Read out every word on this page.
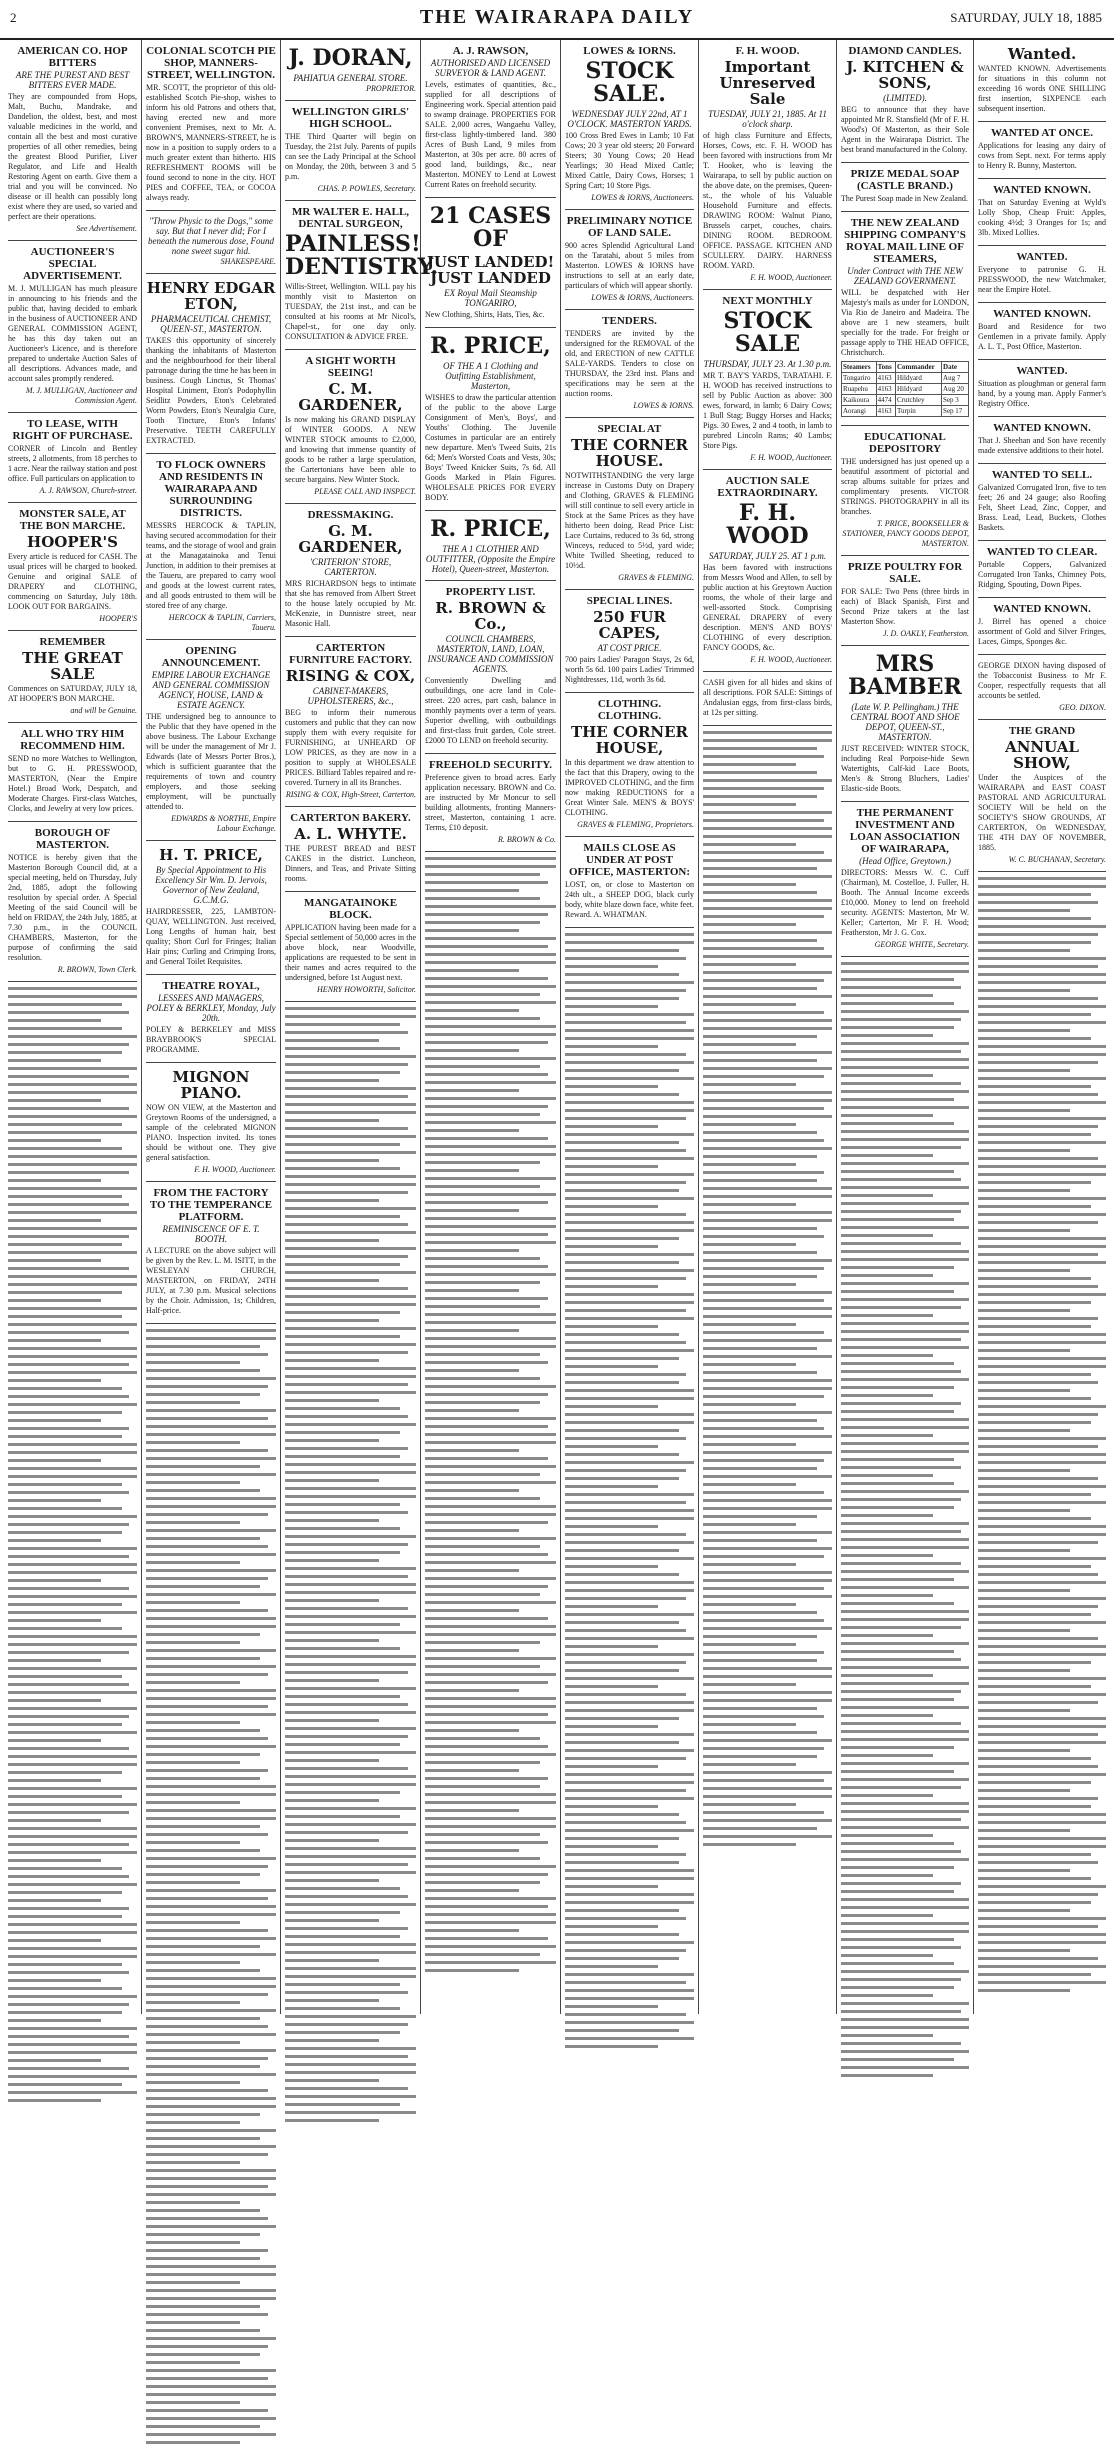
2	THE WAIRARAPA DAILY	SATURDAY, JULY 18, 1885
AMERICAN CO. HOP BITTERS
ARE THE PUREST AND BEST BITTERS EVER MADE.
They are compounded from Hops, Malt, Buchu, Mandrake, and Dandelion, the oldest, best, and most valuable medicines in the world, and contain all the best and most curative properties of all other remedies, being the greatest Blood Purifier, Liver Regulator, and Life and Health Restoring Agent on earth. Give them a trial and you will be convinced. No disease or ill health can possibly long exist where they are used, so varied and perfect are their operations.
See Advertisement.
AUCTIONEER'S SPECIAL ADVERTISEMENT.
M. J. MULLIGAN has much pleasure in announcing to his friends and the public that, having decided to embark in the business of AUCTIONEER AND GENERAL COMMISSION AGENT, he has this day taken out an Auctioneer's Licence, and is therefore prepared to undertake Auction Sales of all descriptions. Advances made, and account sales promptly rendered.
M. J. MULLIGAN, Auctioneer and Commission Agent.
TO LEASE, WITH RIGHT OF PURCHASE.
CORNER of Lincoln and Bentley streets, 2 allotments, from 18 perches to 1 acre. Near the railway station and post office. Full particulars on application to
A. J. RAWSON, Church-street.
MONSTER SALE, AT THE BON MARCHE.
HOOPER'S
Every article is reduced for CASH. The usual prices will be charged to booked. Genuine and original SALE of DRAPERY and CLOTHING, commencing on Saturday, July 18th. LOOK OUT FOR BARGAINS.
HOOPER'S
REMEMBER
THE GREAT SALE
Commences on SATURDAY, JULY 18, AT HOOPER'S BON MARCHE.
and will be Genuine.
ALL WHO TRY HIM RECOMMEND HIM.
SEND no more Watches to Wellington, but to G. H. PRESSWOOD, MASTERTON, (Near the Empire Hotel.) Broad Work, Despatch, and Moderate Charges. First-class Watches, Clocks, and Jewelry at very low prices.
BOROUGH OF MASTERTON.
NOTICE is hereby given that the Masterton Borough Council did, at a special meeting, held on Thursday, July 2nd, 1885, adopt the following resolution by special order. A Special Meeting of the said Council will be held on FRIDAY, the 24th July, 1885, at 7.30 p.m., in the COUNCIL CHAMBERS, Masterton, for the purpose of confirming the said resolution.
R. BROWN, Town Clerk.
COLONIAL SCOTCH PIE SHOP, MANNERS-STREET, WELLINGTON.
MR. SCOTT, the proprietor of this old-established Scotch Pie-shop, wishes to inform his old Patrons and others that, having erected new and more convenient Premises, next to Mr. A. BROWN'S, MANNERS-STREET, he is now in a position to supply orders to a much greater extent than hitherto. HIS REFRESHMENT ROOMS will be found second to none in the city. HOT PIES and COFFEE, TEA, or COCOA always ready.
"Throw Physic to the Dogs," some say. But that I never did; For I beneath the numerous dose, Found none sweet sugar hid.
SHAKESPEARE.
HENRY EDGAR ETON,
PHARMACEUTICAL CHEMIST, QUEEN-ST., MASTERTON.
TAKES this opportunity of sincerely thanking the inhabitants of Masterton and the neighbourhood for their liberal patronage during the time he has been in business. Cough Linctus, St Thomas' Hospital Liniment, Eton's Podophyllin Seidlitz Powders, Eton's Celebrated Worm Powders, Eton's Neuralgia Cure, Tooth Tincture, Eton's Infants' Preservative. TEETH CAREFULLY EXTRACTED.
TO FLOCK OWNERS AND RESIDENTS IN WAIRARAPA AND SURROUNDING DISTRICTS.
MESSRS HERCOCK & TAPLIN, having secured accommodation for their teams, and the storage of wool and grain at the Managatainoka and Tenui Junction, in addition to their premises at the Taueru, are prepared to carry wool and goods at the lowest current rates, and all goods entrusted to them will be stored free of any charge.
HERCOCK & TAPLIN, Carriers, Taueru.
OPENING ANNOUNCEMENT.
EMPIRE LABOUR EXCHANGE AND GENERAL COMMISSION AGENCY, HOUSE, LAND & ESTATE AGENCY.
THE undersigned beg to announce to the Public that they have opened in the above business. The Labour Exchange will be under the management of Mr J. Edwards (late of Messrs Porter Bros.), which is sufficient guarantee that the requirements of town and country employers, and those seeking employment, will be punctually attended to.
EDWARDS & NORTHE, Empire Labour Exchange.
H. T. PRICE,
By Special Appointment to His Excellency Sir Wm. D. Jervois, Governor of New Zealand, G.C.M.G.
HAIRDRESSER, 225, LAMBTON-QUAY, WELLINGTON. Just received, Long Lengths of human hair, best quality; Short Curl for Fringes; Italian Hair pins; Curling and Crimping Irons, and General Toilet Requisites.
THEATRE ROYAL,
LESSEES AND MANAGERS, POLEY & BERKLEY, Monday, July 20th.
POLEY & BERKELEY and MISS BRAYBROOK'S SPECIAL PROGRAMME.
MIGNON PIANO.
NOW ON VIEW, at the Masterton and Greytown Rooms of the undersigned, a sample of the celebrated MIGNON PIANO. Inspection invited. Its tones should be without one. They give general satisfaction.
F. H. WOOD, Auctioneer.
FROM THE FACTORY TO THE TEMPERANCE PLATFORM.
REMINISCENCE OF E. T. BOOTH.
A LECTURE on the above subject will be given by the Rev. L. M. ISITT, in the WESLEYAN CHURCH, MASTERTON, on FRIDAY, 24TH JULY, at 7.30 p.m. Musical selections by the Choir. Admission, 1s; Children, Half-price.
J. DORAN,
PAHIATUA GENERAL STORE.
PROPRIETOR.
WELLINGTON GIRLS' HIGH SCHOOL.
THE Third Quarter will begin on Tuesday, the 21st July. Parents of pupils can see the Lady Principal at the School on Monday, the 20th, between 3 and 5 p.m.
CHAS. P. POWLES, Secretary.
MR WALTER E. HALL, DENTAL SURGEON,
PAINLESS! DENTISTRY.
Willis-Street, Wellington. WILL pay his monthly visit to Masterton on TUESDAY, the 21st inst., and can be consulted at his rooms at Mr Nicol's, Chapel-st., for one day only. CONSULTATION & ADVICE FREE.
A SIGHT WORTH SEEING!
C. M. GARDENER,
Is now making his GRAND DISPLAY of WINTER GOODS. A NEW WINTER STOCK amounts to £2,000, and knowing that immense quantity of goods to be rather a large speculation, the Cartertonians have been able to secure bargains. New Winter Stock.
PLEASE CALL AND INSPECT.
DRESSMAKING.
G. M. GARDENER,
'CRITERION' STORE, CARTERTON.
MRS RICHARDSON begs to intimate that she has removed from Albert Street to the house lately occupied by Mr. McKenzie, in Dunnistre street, near Masonic Hall.
CARTERTON FURNITURE FACTORY.
RISING & COX,
CABINET-MAKERS, UPHOLSTERERS, &c.,
BEG to inform their numerous customers and public that they can now supply them with every requisite for FURNISHING, at UNHEARD OF LOW PRICES, as they are now in a position to supply at WHOLESALE PRICES. Billiard Tables repaired and re-covered. Turnery in all its Branches.
RISING & COX, High-Street, Carterton.
CARTERTON BAKERY.
A. L. WHYTE.
THE PUREST BREAD and BEST CAKES in the district. Luncheon, Dinners, and Teas, and Private Sitting rooms.
MANGATAINOKE BLOCK.
APPLICATION having been made for a Special settlement of 50,000 acres in the above block, near Woodville, applications are requested to be sent in their names and acres required to the undersigned, before 1st August next.
HENRY HOWORTH, Solicitor.
A. J. RAWSON,
AUTHORISED AND LICENSED SURVEYOR & LAND AGENT.
Levels, estimates of quantities, &c., supplied for all descriptions of Engineering work. Special attention paid to swamp drainage. PROPERTIES FOR SALE. 2,000 acres, Wangaehu Valley, first-class lightly-timbered land. 380 Acres of Bush Land, 9 miles from Masterton, at 30s per acre. 80 acres of good land, buildings, &c., near Masterton. MONEY to Lend at Lowest Current Rates on freehold security.
21 CASES OF
JUST LANDED! JUST LANDED
EX Royal Mail Steamship TONGARIRO,
New Clothing, Shirts, Hats, Ties, &c.
R. PRICE,
OF THE A 1 Clothing and Outfitting Establishment, Masterton,
WISHES to draw the particular attention of the public to the above Large Consignment of Men's, Boys', and Youths' Clothing. The Juvenile Costumes in particular are an entirely new departure. Men's Tweed Suits, 21s 6d; Men's Worsted Coats and Vests, 30s; Boys' Tweed Knicker Suits, 7s 6d. All Goods Marked in Plain Figures. WHOLESALE PRICES FOR EVERY BODY.
R. PRICE,
THE A 1 CLOTHIER AND OUTFITTER, (Opposite the Empire Hotel), Queen-street, Masterton.
PROPERTY LIST.
R. BROWN & Co.,
COUNCIL CHAMBERS, MASTERTON, LAND, LOAN, INSURANCE AND COMMISSION AGENTS.
Conveniently Dwelling and outbuildings, one acre land in Cole-street. 220 acres, part cash, balance in monthly payments over a term of years. Superior dwelling, with outbuildings and first-class fruit garden, Cole street. £2000 TO LEND on freehold security.
FREEHOLD SECURITY.
Preference given to broad acres. Early application necessary. BROWN and Co. are instructed by Mr Moncur to sell building allotments, fronting Manners-street, Masterton, containing 1 acre. Terms, £10 deposit.
R. BROWN & Co.
LOWES & IORNS.
STOCK SALE.
WEDNESDAY JULY 22nd, AT 1 O'CLOCK. MASTERTON YARDS.
100 Cross Bred Ewes in Lamb; 10 Fat Cows; 20 3 year old steers; 20 Forward Steers; 30 Young Cows; 20 Head Yearlings; 30 Head Mixed Cattle; Mixed Cattle, Dairy Cows, Horses; 1 Spring Cart; 10 Store Pigs.
LOWES & IORNS, Auctioneers.
PRELIMINARY NOTICE OF LAND SALE.
900 acres Splendid Agricultural Land on the Taratahi, about 5 miles from Masterton. LOWES & IORNS have instructions to sell at an early date, particulars of which will appear shortly.
LOWES & IORNS, Auctioneers.
TENDERS.
TENDERS are invited by the undersigned for the REMOVAL of the old, and ERECTION of new CATTLE SALE-YARDS. Tenders to close on THURSDAY, the 23rd inst. Plans and specifications may be seen at the auction rooms.
LOWES & IORNS.
SPECIAL AT
THE CORNER HOUSE.
NOTWITHSTANDING the very large increase in Customs Duty on Drapery and Clothing, GRAVES & FLEMING will still continue to sell every article in Stock at the Same Prices as they have hitherto been doing. Read Price List: Lace Curtains, reduced to 3s 6d, strong Winceys, reduced to 5½d, yard wide; White Twilled Sheeting, reduced to 10½d.
GRAVES & FLEMING.
SPECIAL LINES.
250 FUR CAPES,
AT COST PRICE.
700 pairs Ladies' Paragon Stays, 2s 6d, worth 5s 6d. 100 pairs Ladies' Trimmed Nightdresses, 11d, worth 3s 6d.
CLOTHING. CLOTHING.
THE CORNER HOUSE,
In this department we draw attention to the fact that this Drapery, owing to the IMPROVED CLOTHING, and the firm now making REDUCTIONS for a Great Winter Sale. MEN'S & BOYS' CLOTHING.
GRAVES & FLEMING, Proprietors.
MAILS CLOSE AS UNDER AT POST OFFICE, MASTERTON:
LOST, on, or close to Masterton on 24th ult., a SHEEP DOG, black curly body, white blaze down face, white feet. Reward. A. WHATMAN.
F. H. WOOD.
Important Unreserved Sale
TUESDAY, JULY 21, 1885. At 11 o'clock sharp.
of high class Furniture and Effects, Horses, Cows, etc. F. H. WOOD has been favored with instructions from Mr T. Hooker, who is leaving the Wairarapa, to sell by public auction on the above date, on the premises, Queen-st., the whole of his Valuable Household Furniture and effects. DRAWING ROOM: Walnut Piano, Brussels carpet, couches, chairs. DINING ROOM. BEDROOM. OFFICE. PASSAGE. KITCHEN AND SCULLERY. DAIRY. HARNESS ROOM. YARD.
F. H. WOOD, Auctioneer.
NEXT MONTHLY
STOCK SALE
THURSDAY, JULY 23. At 1.30 p.m.
MR T. BAY'S YARDS, TARATAHI. F. H. WOOD has received instructions to sell by Public Auction as above: 300 ewes, forward, in lamb; 6 Dairy Cows; 1 Bull Stag; Buggy Horses and Hacks; Pigs. 30 Ewes, 2 and 4 tooth, in lamb to purebred Lincoln Rams; 40 Lambs; Store Pigs.
F. H. WOOD, Auctioneer.
AUCTION SALE EXTRAORDINARY.
F. H. WOOD
SATURDAY, JULY 25. AT 1 p.m.
Has been favored with instructions from Messrs Wood and Allen, to sell by public auction at his Greytown Auction rooms, the whole of their large and well-assorted Stock. Comprising GENERAL DRAPERY of every description. MEN'S AND BOYS' CLOTHING of every description. FANCY GOODS, &c.
F. H. WOOD, Auctioneer.
CASH given for all hides and skins of all descriptions. FOR SALE: Sittings of Andalusian eggs, from first-class birds, at 12s per sitting.
DIAMOND CANDLES.
J. KITCHEN & SONS,
(LIMITED).
BEG to announce that they have appointed Mr R. Stansfield (Mr of F. H. Wood's) Of Masterton, as their Sole Agent in the Wairarapa District. The best brand manufactured in the Colony.
PRIZE MEDAL SOAP (CASTLE BRAND.)
The Purest Soap made in New Zealand.
THE NEW ZEALAND SHIPPING COMPANY'S ROYAL MAIL LINE OF STEAMERS,
Under Contract with THE NEW ZEALAND GOVERNMENT.
WILL be despatched with Her Majesty's mails as under for LONDON, Via Rio de Janeiro and Madeira. The above are 1 new steamers, built specially for the trade. For freight or passage apply to THE HEAD OFFICE, Christchurch.
Steamers	Tons	Commander	Date
Tongariro	4163	Hildyard	Aug 7
Ruapehu	4163	Hildyard	Aug 20
Kaikoura	4474	Crutchley	Sep 3
Aorangi	4163	Turpin	Sep 17
EDUCATIONAL DEPOSITORY
THE undersigned has just opened up a beautiful assortment of pictorial and scrap albums suitable for prizes and complimentary presents. VICTOR STRINGS. PHOTOGRAPHY in all its branches.
T. PRICE, BOOKSELLER & STATIONER, FANCY GOODS DEPOT, MASTERTON.
PRIZE POULTRY FOR SALE.
FOR SALE: Two Pens (three birds in each) of Black Spanish, First and Second Prize takers at the last Masterton Show.
J. D. OAKLY, Featherston.
MRS BAMBER
(Late W. P. Pellingham.) THE CENTRAL BOOT AND SHOE DEPOT, QUEEN-ST., MASTERTON.
JUST RECEIVED: WINTER STOCK, including Real Porpoise-hide Sewn Watertights, Calf-kid Lace Boots, Men's & Strong Bluchers, Ladies' Elastic-side Boots.
THE PERMANENT INVESTMENT AND LOAN ASSOCIATION OF WAIRARAPA,
(Head Office, Greytown.)
DIRECTORS: Messrs W. C. Cuff (Chairman), M. Costelloe, J. Fuller, H. Booth. The Annual Income exceeds £10,000. Money to lend on freehold security. AGENTS: Masterton, Mr W. Keller; Carterton, Mr F. H. Wood; Featherston, Mr J. G. Cox.
GEORGE WHITE, Secretary.
Wanted.
WANTED KNOWN. Advertisements for situations in this column not exceeding 16 words ONE SHILLING first insertion, SIXPENCE each subsequent insertion.
WANTED AT ONCE.
Applications for leasing any dairy of cows from Sept. next. For terms apply to Henry R. Bunny, Masterton.
WANTED KNOWN.
That on Saturday Evening at Wyld's Lolly Shop, Cheap Fruit: Apples, cooking 4½d; 3 Oranges for 1s; and 3lb. Mixed Lollies.
WANTED.
Everyone to patronise G. H. PRESSWOOD, the new Watchmaker, near the Empire Hotel.
WANTED KNOWN.
Board and Residence for two Gentlemen in a private family. Apply A. L. T., Post Office, Masterton.
WANTED.
Situation as ploughman or general farm hand, by a young man. Apply Farmer's Registry Office.
WANTED KNOWN.
That J. Sheehan and Son have recently made extensive additions to their hotel.
WANTED TO SELL.
Galvanized Corrugated Iron, five to ten feet; 26 and 24 gauge; also Roofing Felt, Sheet Lead, Zinc, Copper, and Brass. Lead, Lead, Buckets, Clothes Baskets.
WANTED TO CLEAR.
Portable Coppers, Galvanized Corrugated Iron Tanks, Chimney Pots, Ridging, Spouting, Down Pipes.
WANTED KNOWN.
J. Birrel has opened a choice assortment of Gold and Silver Fringes, Laces, Gimps, Sponges &c.
GEORGE DIXON having disposed of the Tobacconist Business to Mr F. Cooper, respectfully requests that all accounts be settled.
GEO. DIXON.
THE GRAND
ANNUAL SHOW,
Under the Auspices of the WAIRARAPA and EAST COAST PASTORAL AND AGRICULTURAL SOCIETY Will be held on the SOCIETY'S SHOW GROUNDS, AT CARTERTON, On WEDNESDAY, THE 4TH DAY OF NOVEMBER, 1885.
W. C. BUCHANAN, Secretary.
